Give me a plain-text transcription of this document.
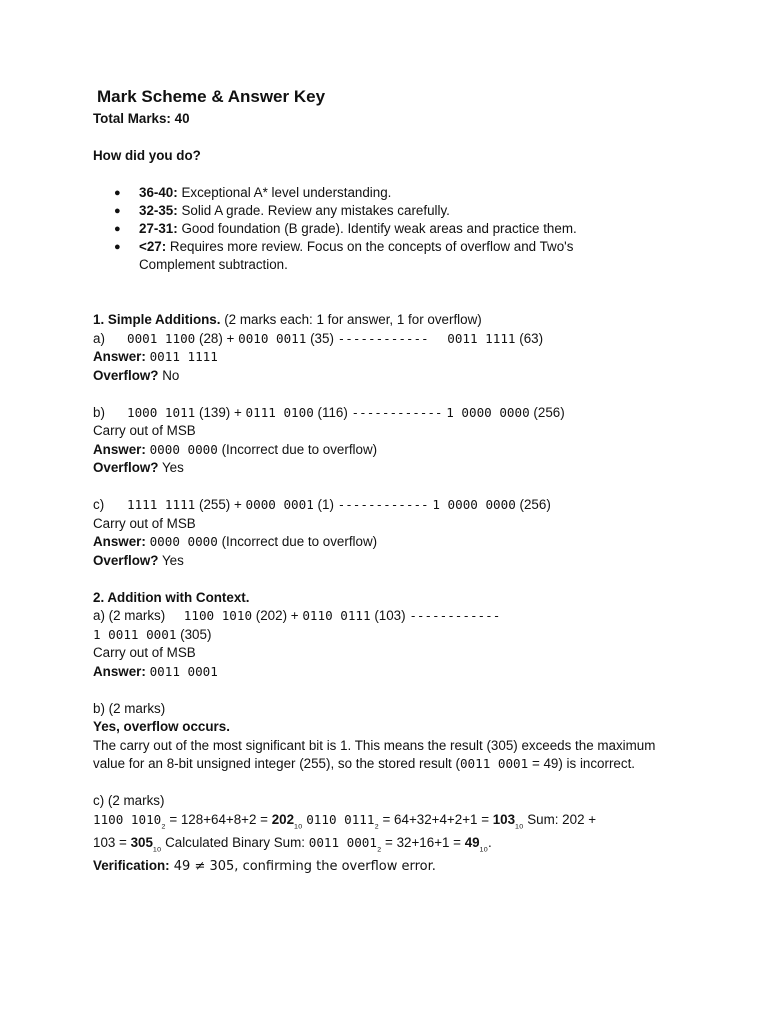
Mark Scheme & Answer Key
Total Marks: 40
How did you do?
● 36-40: Exceptional A* level understanding.
● 32-35: Solid A grade. Review any mistakes carefully.
● 27-31: Good foundation (B grade). Identify weak areas and practice them.
● <27: Requires more review. Focus on the concepts of overflow and Two's Complement subtraction.
1. Simple Additions. (2 marks each: 1 for answer, 1 for overflow)
a) 0001 1100 (28) + 0010 0011 (35) ------------ 0011 1111 (63)
Answer: 0011 1111
Overflow? No
b) 1000 1011 (139) + 0111 0100 (116) ------------ 1 0000 0000 (256)
Carry out of MSB
Answer: 0000 0000 (Incorrect due to overflow)
Overflow? Yes
c) 1111 1111 (255) + 0000 0001 (1) ------------ 1 0000 0000 (256)
Carry out of MSB
Answer: 0000 0000 (Incorrect due to overflow)
Overflow? Yes
2. Addition with Context.
a) (2 marks) 1100 1010 (202) + 0110 0111 (103) ------------
1 0011 0001 (305)
Carry out of MSB
Answer: 0011 0001
b) (2 marks)
Yes, overflow occurs.
The carry out of the most significant bit is 1. This means the result (305) exceeds the maximum value for an 8-bit unsigned integer (255), so the stored result (0011 0001 = 49) is incorrect.
c) (2 marks)
1100 $1010_{_2} = 128+64+8+2 = 202_{_{10}}$ 0110 $0111_{_2} = 64+32+4+2+1 = 103_{_{10}}$ Sum: 202 +
$103 = 305_{_{10}}$ Calculated Binary Sum: 0011 $0001_{_2} = 32+16+1 = 49_{_{10}}$.
Verification: 49 ≠ 305, confirming the overflow error.
